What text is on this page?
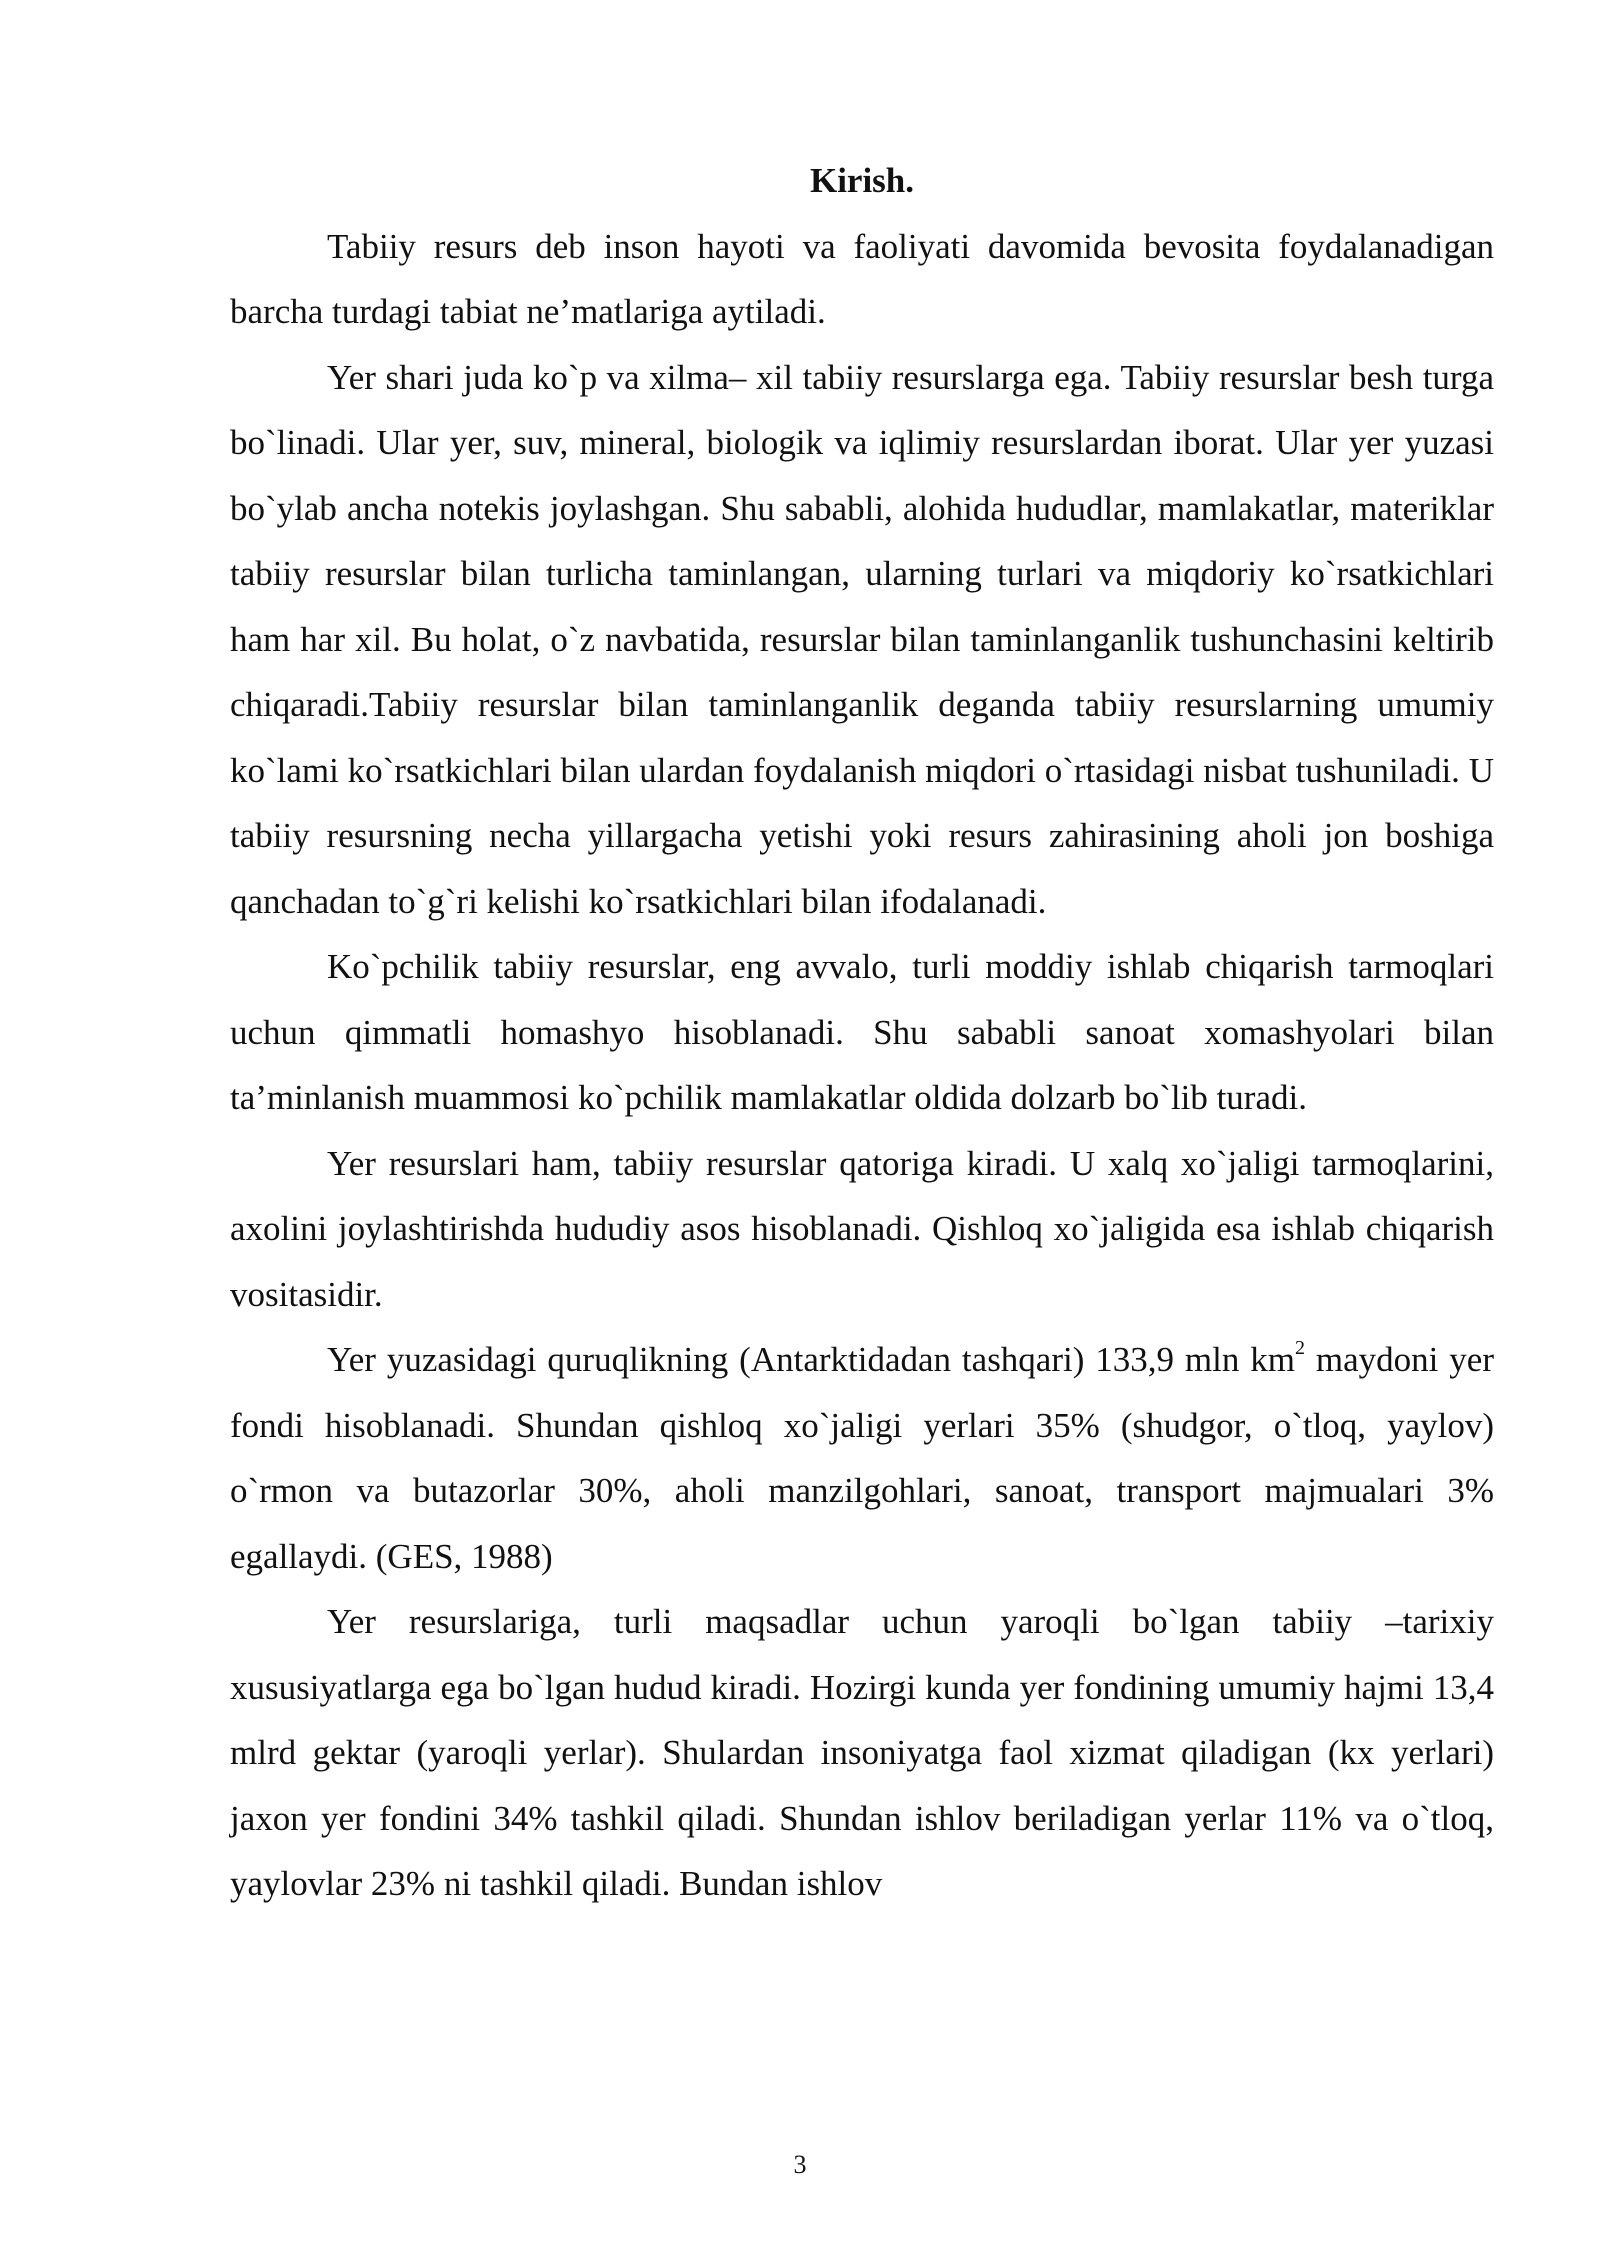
Kirish.

Tabiiy resurs deb inson hayoti va faoliyati davomida bevosita foydalanadigan barcha turdagi tabiat ne’matlariga aytiladi.

Yer shari juda ko`p va xilma– xil tabiiy resurslarga ega. Tabiiy resurslar besh turga bo`linadi. Ular yer, suv, mineral, biologik va iqlimiy resurslardan iborat. Ular yer yuzasi bo`ylab ancha notekis joylashgan. Shu sababli, alohida hududlar, mamlakatlar, materiklar tabiiy resurslar bilan turlicha taminlangan, ularning turlari va miqdoriy ko`rsatkichlari ham har xil. Bu holat, o`z navbatida, resurslar bilan taminlanganlik tushunchasini keltirib chiqaradi.Tabiiy resurslar bilan taminlanganlik deganda tabiiy resurslarning umumiy ko`lami ko`rsatkichlari bilan ulardan foydalanish miqdori o`rtasidagi nisbat tushuniladi. U tabiiy resursning necha yillargacha yetishi yoki resurs zahirasining aholi jon boshiga qanchadan to`g`ri kelishi ko`rsatkichlari bilan ifodalanadi.

Ko`pchilik tabiiy resurslar, eng avvalo, turli moddiy ishlab chiqarish tarmoqlari uchun qimmatli homashyo hisoblanadi. Shu sababli sanoat xomashyolari bilan ta’minlanish muammosi ko`pchilik mamlakatlar oldida dolzarb bo`lib turadi.

Yer resurslari ham, tabiiy resurslar qatoriga kiradi. U xalq xo`jaligi tarmoqlarini, axolini joylashtirishda hududiy asos hisoblanadi. Qishloq xo`jaligida esa ishlab chiqarish vositasidir.

Yer yuzasidagi quruqlikning (Antarktidadan tashqari) 133,9 mln $km^2$ maydoni yer fondi hisoblanadi. Shundan qishloq xo`jaligi yerlari 35% (shudgor, o`tloq, yaylov) o`rmon va butazorlar 30%, aholi manzilgohlari, sanoat, transport majmualari 3% egallaydi. (GES, 1988)

Yer resurslariga, turli maqsadlar uchun yaroqli bo`lgan tabiiy –tarixiy xususiyatlarga ega bo`lgan hudud kiradi. Hozirgi kunda yer fondining umumiy hajmi 13,4 mlrd gektar (yaroqli yerlar). Shulardan insoniyatga faol xizmat qiladigan (kx yerlari) jaxon yer fondini 34% tashkil qiladi. Shundan ishlov beriladigan yerlar 11% va o`tloq, yaylovlar 23% ni tashkil qiladi. Bundan ishlov

3
